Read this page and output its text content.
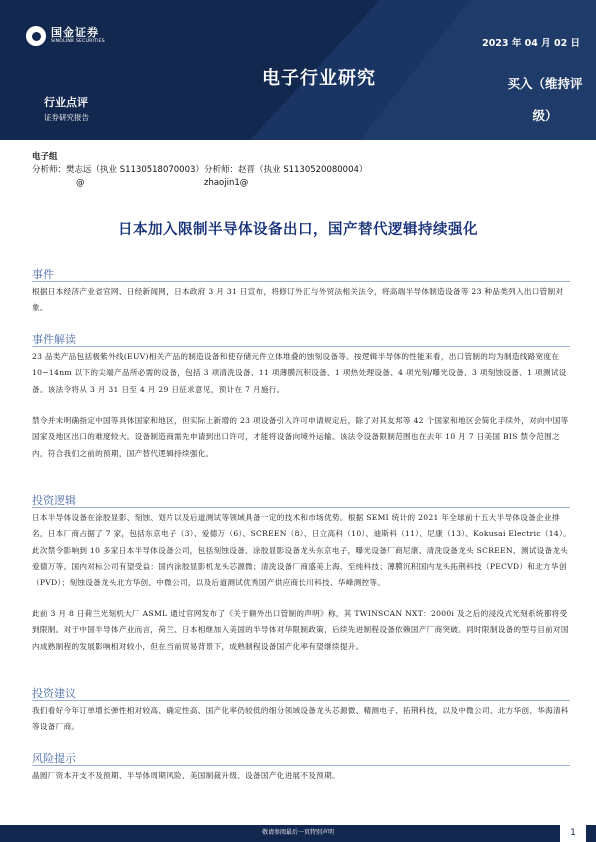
国金证券
SINOLINK SECURITIES	2023 年 04 月 02 日
电子行业研究	买入（维持评级）
行业点评
证券研究报告
电子组
分析师：樊志远（执业 S1130518070003） 分析师：赵晋（执业 S1130520080004）
@	zhaojin1@
日本加入限制半导体设备出口，国产替代逻辑持续强化
事件
根据日本经济产业省官网、日经新闻网，日本政府 3 月 31 日宣布，将修订外汇与外贸法相关法令，将高端半导体制造设备等 23 种品类列入出口管制对象。
事件解读
23 品类产品包括极紫外线(EUV)相关产品的制造设备和使存储元件立体堆叠的蚀刻设备等。按逻辑半导体的性能来看，出口管制的均为制造线路宽度在 10~14nm 以下的尖端产品所必需的设备，包括 3 项清洗设备、11 项薄膜沉积设备、1 项热处理设备、4 项光刻/曝光设备、3 项刻蚀设备、1 项测试设备。该法令将从 3 月 31 日至 4 月 29 日征求意见，预计在 7 月施行。
禁令并未明确指定中国等具体国家和地区，但实际上新增的 23 项设备引入许可申请规定后，除了对其友邦等 42 个国家和地区会简化手续外，对向中国等国家及地区出口的难度较大。设备制造商需先申请到出口许可，才能将设备向境外运输。该法令设备限制范围也在去年 10 月 7 日美国 BIS 禁令范围之内，符合我们之前的预期，国产替代逻辑持续强化。
投资逻辑
日本半导体设备在涂胶显影、刻蚀、划片以及后道测试等领域具备一定的技术和市场优势。根据 SEMI 统计的 2021 年全球前十五大半导体设备企业排名，日本厂商占据了 7 家，包括东京电子（3）、爱德万（6）、SCREEN（8）、日立高科（10）、迪斯科（11）、尼康（13）、Kokusai Electric（14）。此次禁令影响到 10 多家日本半导体设备公司，包括刻蚀设备、涂胶显影设备龙头东京电子，曝光设备厂商尼康、清洗设备龙头 SCREEN、测试设备龙头爱德万等。国内对标公司有望受益：国内涂胶显影机龙头芯源微；清洗设备厂商盛美上海、至纯科技；薄膜沉积国内龙头拓荆科技（PECVD）和北方华创（PVD）；刻蚀设备龙头北方华创、中微公司，以及后道测试优秀国产供应商长川科技、华峰测控等。
此前 3 月 8 日荷兰光刻机大厂 ASML 通过官网发布了《关于额外出口管制的声明》称，其 TWINSCAN NXT：2000i 及之后的浸没式光刻系统都将受到限制。对于中国半导体产业而言，荷兰、日本相继加入美国的半导体对华限制政策，后续先进制程设备依赖国产厂商突破。同时限制设备的型号目前对国内成熟制程的发展影响相对较小，但在当前贸易背景下，成熟制程设备国产化率有望继续提升。
投资建议
我们看好今年订单增长弹性相对较高、确定性高、国产化率仍较低的细分领域设备龙头芯源微、精测电子、拓荆科技，以及中微公司、北方华创、华海清科等设备厂商。
风险提示
晶圆厂资本开支不及预期、半导体周期风险、美国制裁升级、设备国产化进展不及预期。
敬请参阅最后一页特别声明	1
